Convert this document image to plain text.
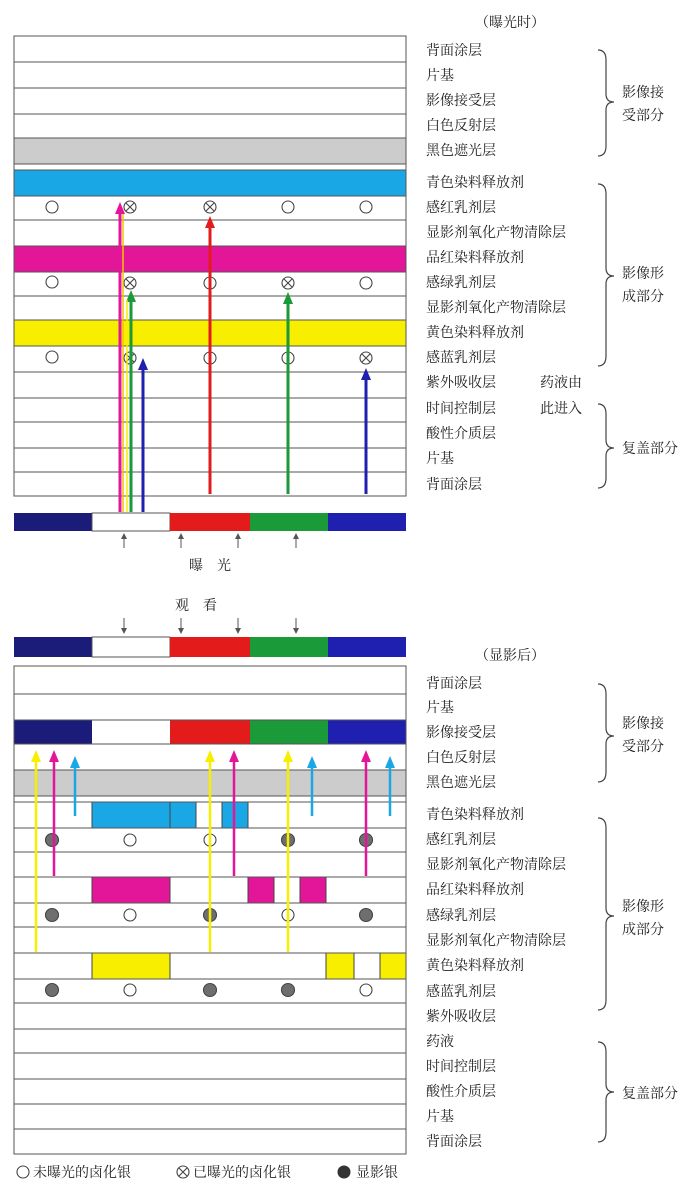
（曝光时）
曝　光
背面涂层
片基
影像接受层
白色反射层
黑色遮光层
青色染料释放剂
感红乳剂层
显影剂氧化产物清除层
品红染料释放剂
感绿乳剂层
显影剂氧化产物清除层
黄色染料释放剂
感蓝乳剂层
紫外吸收层
时间控制层
酸性介质层
片基
背面涂层
药液由
此进入
影像接
受部分
影像形
成部分
复盖部分
观　看
（显影后）
背面涂层
片基
影像接受层
白色反射层
黑色遮光层
青色染料释放剂
感红乳剂层
显影剂氧化产物清除层
品红染料释放剂
感绿乳剂层
显影剂氧化产物清除层
黄色染料释放剂
感蓝乳剂层
紫外吸收层
药液
时间控制层
酸性介质层
片基
背面涂层
影像接
受部分
影像形
成部分
复盖部分
未曝光的卤化银	已曝光的卤化银	显影银
